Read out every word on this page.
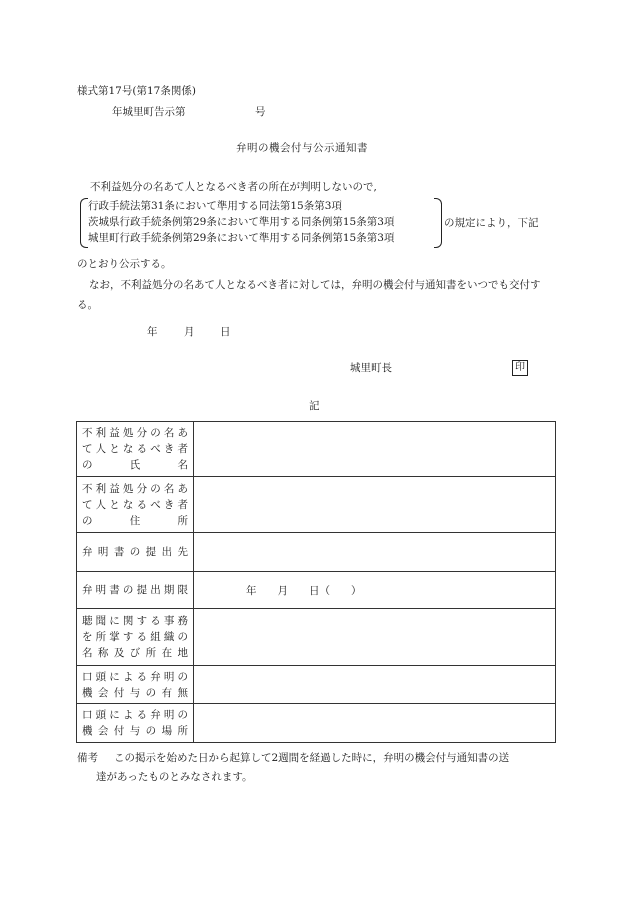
様式第17号(第17条関係)
年城里町告示第	号
弁明の機会付与公示通知書
不利益処分の名あて人となるべき者の所在が判明しないので,
行政手続法第31条において準用する同法第15条第3項
茨城県行政手続条例第29条において準用する同条例第15条第3項
城里町行政手続条例第29条において準用する同条例第15条第3項
の規定により，下記
のとおり公示する。
なお，不利益処分の名あて人となるべき者に対しては，弁明の機会付与通知書をいつでも交付する。
年	月 日
城里町長	印
記
不利益処分の名あ
て人となるべき者
の　　氏　　名	

不利益処分の名あ
て人となるべき者
の　　住　　所	

弁明書の提出先	

弁明書の提出期限	年　　月　　日（　　）

聴聞に関する事務
を所掌する組織の
名称及び所在地	

口頭による弁明の
機会付与の有無	

口頭による弁明の
機会付与の場所	

備考 この掲示を始めた日から起算して2週間を経過した時に，弁明の機会付与通知書の送
達があったものとみなされます。
